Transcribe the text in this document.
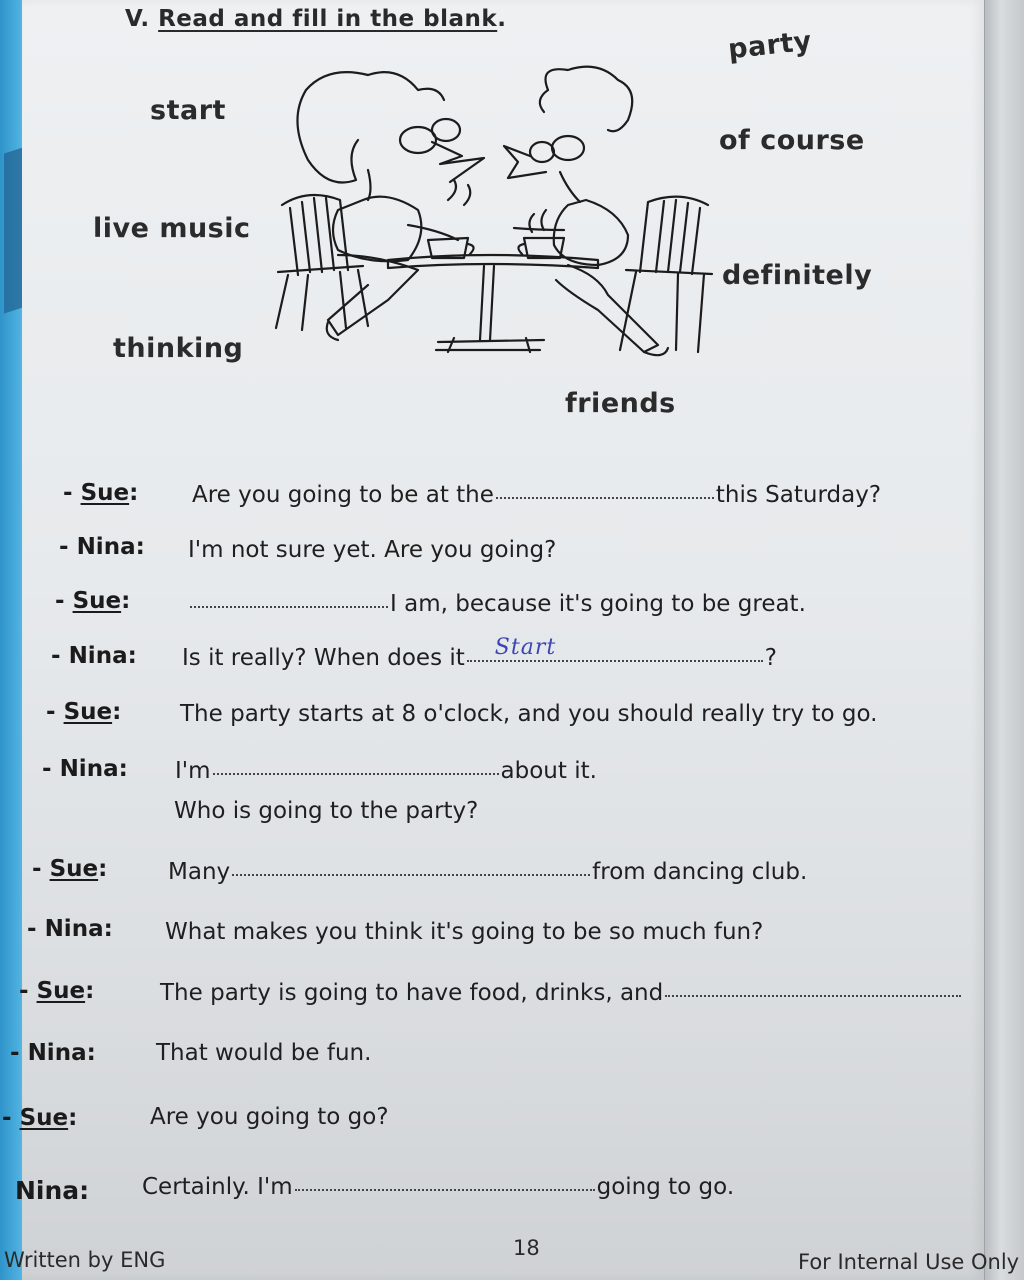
V. Read and fill in the blank.
party
start
of course
live music
definitely
thinking
friends
- Sue: Are you going to be at the	this Saturday?
- Nina: I'm not sure yet. Are you going?
- Sue:	I am, because it's going to be great.
- Nina: Is it really? When does it Start	?
- Sue:	The party starts at 8 o'clock, and you should really try to go.
- Nina: I'm	about it.
Who is going to the party?
- Sue:	Many	from dancing club.
- Nina: What makes you think it's going to be so much fun?
- Sue:	The party is going to have food, drinks, and
- Nina:	That would be fun.
- Sue:	Are you going to go?
Nina: Certainly. I'm	going to go.
Written by ENG	18
For Internal Use Only
